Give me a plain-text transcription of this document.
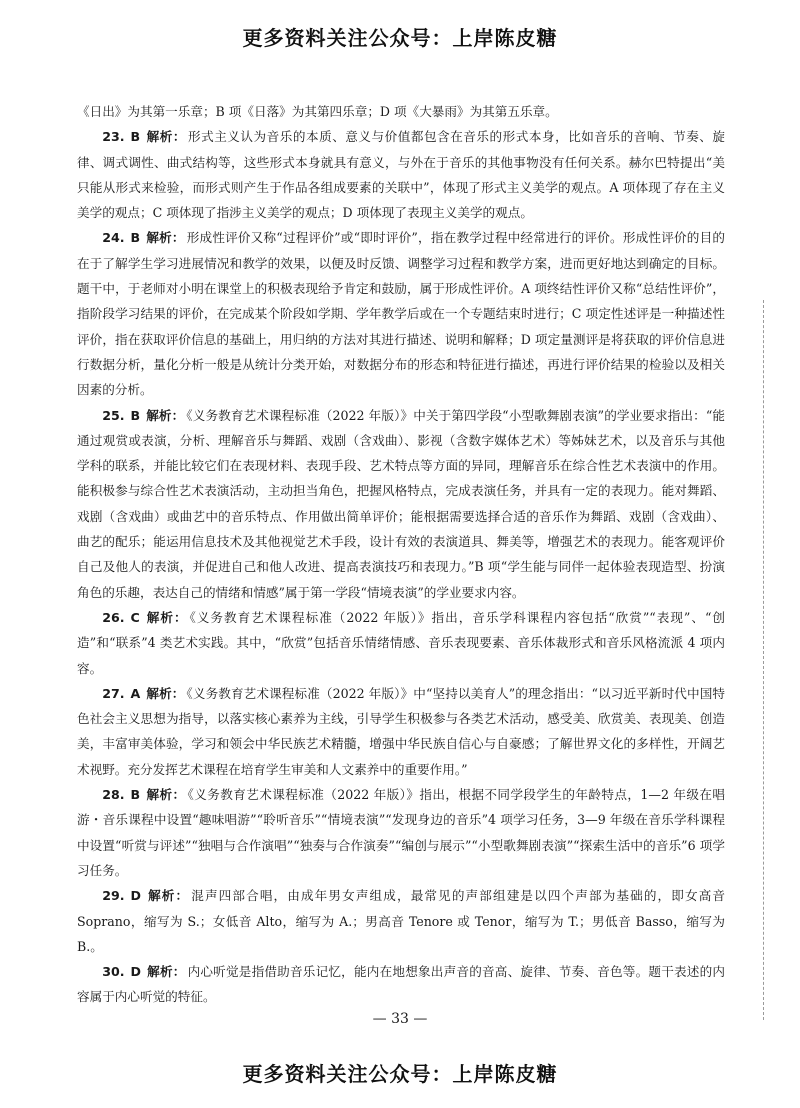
更多资料关注公众号：上岸陈皮糖

《日出》为其第一乐章；B 项《日落》为其第四乐章；D 项《大暴雨》为其第五乐章。

23. B 解析： 形式主义认为音乐的本质、意义与价值都包含在音乐的形式本身，比如音乐的音响、节奏、旋律、调式调性、曲式结构等，这些形式本身就具有意义，与外在于音乐的其他事物没有任何关系。赫尔巴特提出“美只能从形式来检验，而形式则产生于作品各组成要素的关联中”，体现了形式主义美学的观点。A 项体现了存在主义美学的观点；C 项体现了指涉主义美学的观点；D 项体现了表现主义美学的观点。

24. B 解析： 形成性评价又称“过程评价”或“即时评价”，指在教学过程中经常进行的评价。形成性评价的目的在于了解学生学习进展情况和教学的效果，以便及时反馈、调整学习过程和教学方案，进而更好地达到确定的目标。题干中，于老师对小明在课堂上的积极表现给予肯定和鼓励，属于形成性评价。A 项终结性评价又称“总结性评价”，指阶段学习结果的评价，在完成某个阶段如学期、学年教学后或在一个专题结束时进行；C 项定性述评是一种描述性评价，指在获取评价信息的基础上，用归纳的方法对其进行描述、说明和解释；D 项定量测评是将获取的评价信息进行数据分析，量化分析一般是从统计分类开始，对数据分布的形态和特征进行描述，再进行评价结果的检验以及相关因素的分析。

25. B 解析： 《义务教育艺术课程标准（2022 年版）》中关于第四学段“小型歌舞剧表演”的学业要求指出：“能通过观赏或表演，分析、理解音乐与舞蹈、戏剧（含戏曲）、影视（含数字媒体艺术）等姊妹艺术，以及音乐与其他学科的联系，并能比较它们在表现材料、表现手段、艺术特点等方面的异同，理解音乐在综合性艺术表演中的作用。能积极参与综合性艺术表演活动，主动担当角色，把握风格特点，完成表演任务，并具有一定的表现力。能对舞蹈、戏剧（含戏曲）或曲艺中的音乐特点、作用做出简单评价；能根据需要选择合适的音乐作为舞蹈、戏剧（含戏曲）、曲艺的配乐；能运用信息技术及其他视觉艺术手段，设计有效的表演道具、舞美等，增强艺术的表现力。能客观评价自己及他人的表演，并促进自己和他人改进、提高表演技巧和表现力。”B 项“学生能与同伴一起体验表现造型、扮演角色的乐趣，表达自己的情绪和情感”属于第一学段“情境表演”的学业要求内容。

26. C 解析： 《义务教育艺术课程标准（2022 年版）》指出，音乐学科课程内容包括“欣赏”“表现”、“创造”和“联系”4 类艺术实践。其中，“欣赏”包括音乐情绪情感、音乐表现要素、音乐体裁形式和音乐风格流派 4 项内容。

27. A 解析： 《义务教育艺术课程标准（2022 年版）》中“坚持以美育人”的理念指出：“以习近平新时代中国特色社会主义思想为指导，以落实核心素养为主线，引导学生积极参与各类艺术活动，感受美、欣赏美、表现美、创造美，丰富审美体验，学习和领会中华民族艺术精髓，增强中华民族自信心与自豪感；了解世界文化的多样性，开阔艺术视野。充分发挥艺术课程在培育学生审美和人文素养中的重要作用。”

28. B 解析： 《义务教育艺术课程标准（2022 年版）》指出，根据不同学段学生的年龄特点，1—2 年级在唱游・音乐课程中设置“趣味唱游”“聆听音乐”“情境表演”“发现身边的音乐”4 项学习任务，3—9 年级在音乐学科课程中设置“听赏与评述”“独唱与合作演唱”“独奏与合作演奏”“编创与展示”“小型歌舞剧表演”“探索生活中的音乐”6 项学习任务。

29. D 解析： 混声四部合唱，由成年男女声组成，最常见的声部组建是以四个声部为基础的，即女高音 Soprano，缩写为 S.；女低音 Alto，缩写为 A.；男高音 Tenore 或 Tenor，缩写为 T.；男低音 Basso，缩写为 B.。

30. D 解析： 内心听觉是指借助音乐记忆，能内在地想象出声音的音高、旋律、节奏、音色等。题干表述的内容属于内心听觉的特征。

— 33 —
更多资料关注公众号：上岸陈皮糖
